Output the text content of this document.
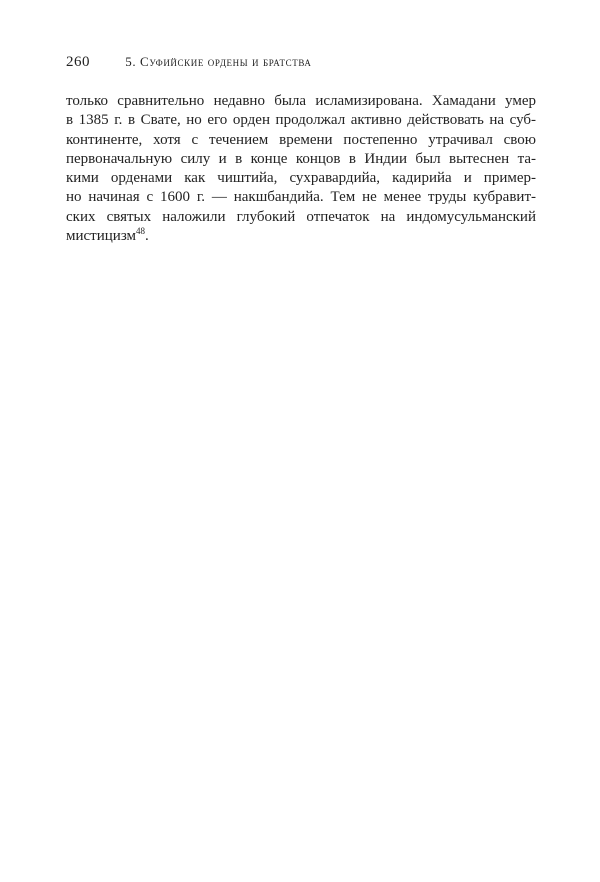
260	5. Суфийские ордены и братства
только сравнительно недавно была исламизирована. Хамадани умер
в 1385 г. в Свате, но его орден продолжал активно действовать на суб-
континенте, хотя с течением времени постепенно утрачивал свою
первоначальную силу и в конце концов в Индии был вытеснен та-
кими орденами как чиштийа, сухравардийа, кадирийа и пример-
но начиная с 1600 г. — накшбандийа. Тем не менее труды кубравит-
ских святых наложили глубокий отпечаток на индомусульманский
мистицизм$^{48}$.
